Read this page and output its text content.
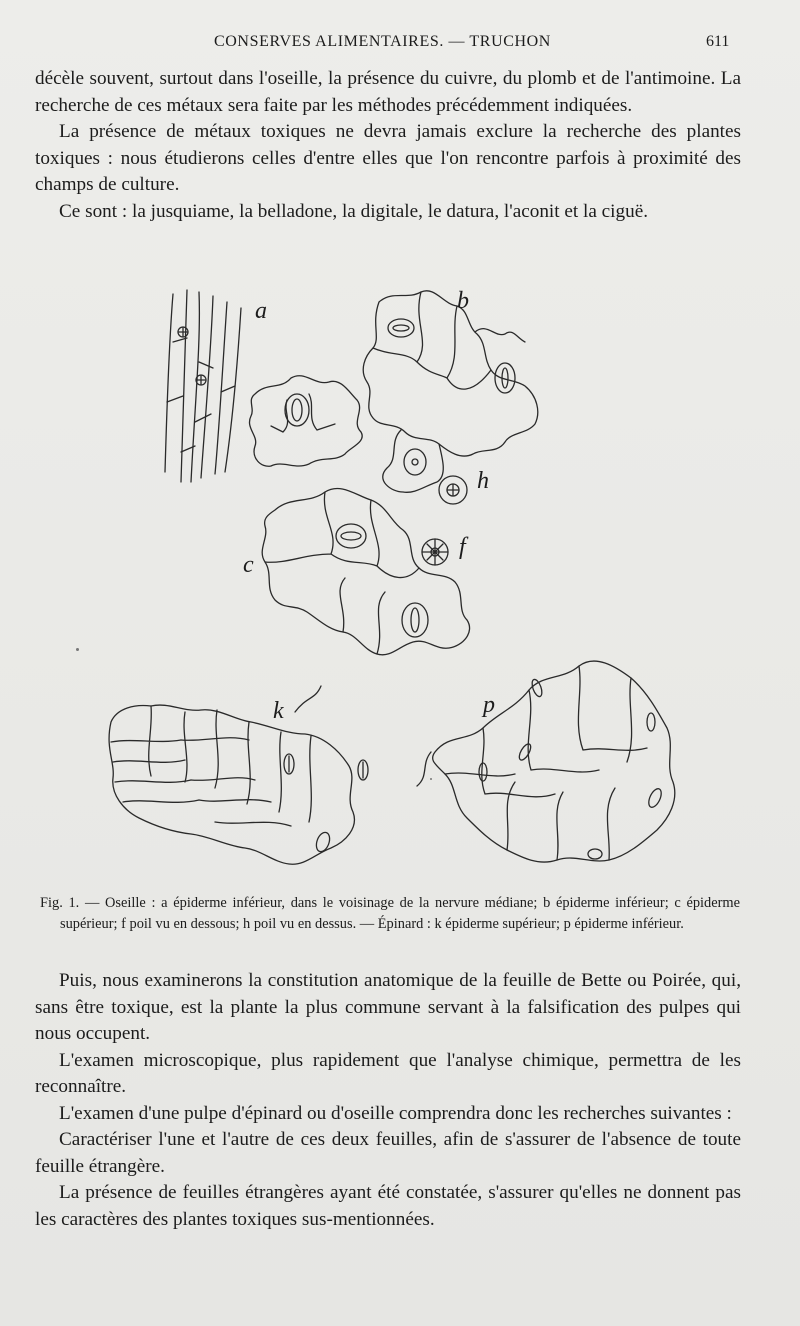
CONSERVES ALIMENTAIRES. — TRUCHON	611

décèle souvent, surtout dans l'oseille, la présence du cuivre, du plomb et de l'antimoine. La recherche de ces métaux sera faite par les méthodes précédemment indiquées.

La présence de métaux toxiques ne devra jamais exclure la recherche des plantes toxiques : nous étudierons celles d'entre elles que l'on rencontre parfois à proximité des champs de culture.

Ce sont : la jusquiame, la belladone, la digitale, le datura, l'aconit et la ciguë.

a	b
h
c
f
k	p

Fig. 1. — Oseille : a épiderme inférieur, dans le voisinage de la nervure médiane; b épiderme inférieur; c épiderme supérieur; f poil vu en dessous; h poil vu en dessus. — Épinard : k épiderme supérieur; p épiderme inférieur.

Puis, nous examinerons la constitution anatomique de la feuille de Bette ou Poirée, qui, sans être toxique, est la plante la plus commune servant à la falsification des pulpes qui nous occupent.

L'examen microscopique, plus rapidement que l'analyse chimique, permettra de les reconnaître.

L'examen d'une pulpe d'épinard ou d'oseille comprendra donc les recherches suivantes :

Caractériser l'une et l'autre de ces deux feuilles, afin de s'assurer de l'absence de toute feuille étrangère.

La présence de feuilles étrangères ayant été constatée, s'assurer qu'elles ne donnent pas les caractères des plantes toxiques sus-mentionnées.
